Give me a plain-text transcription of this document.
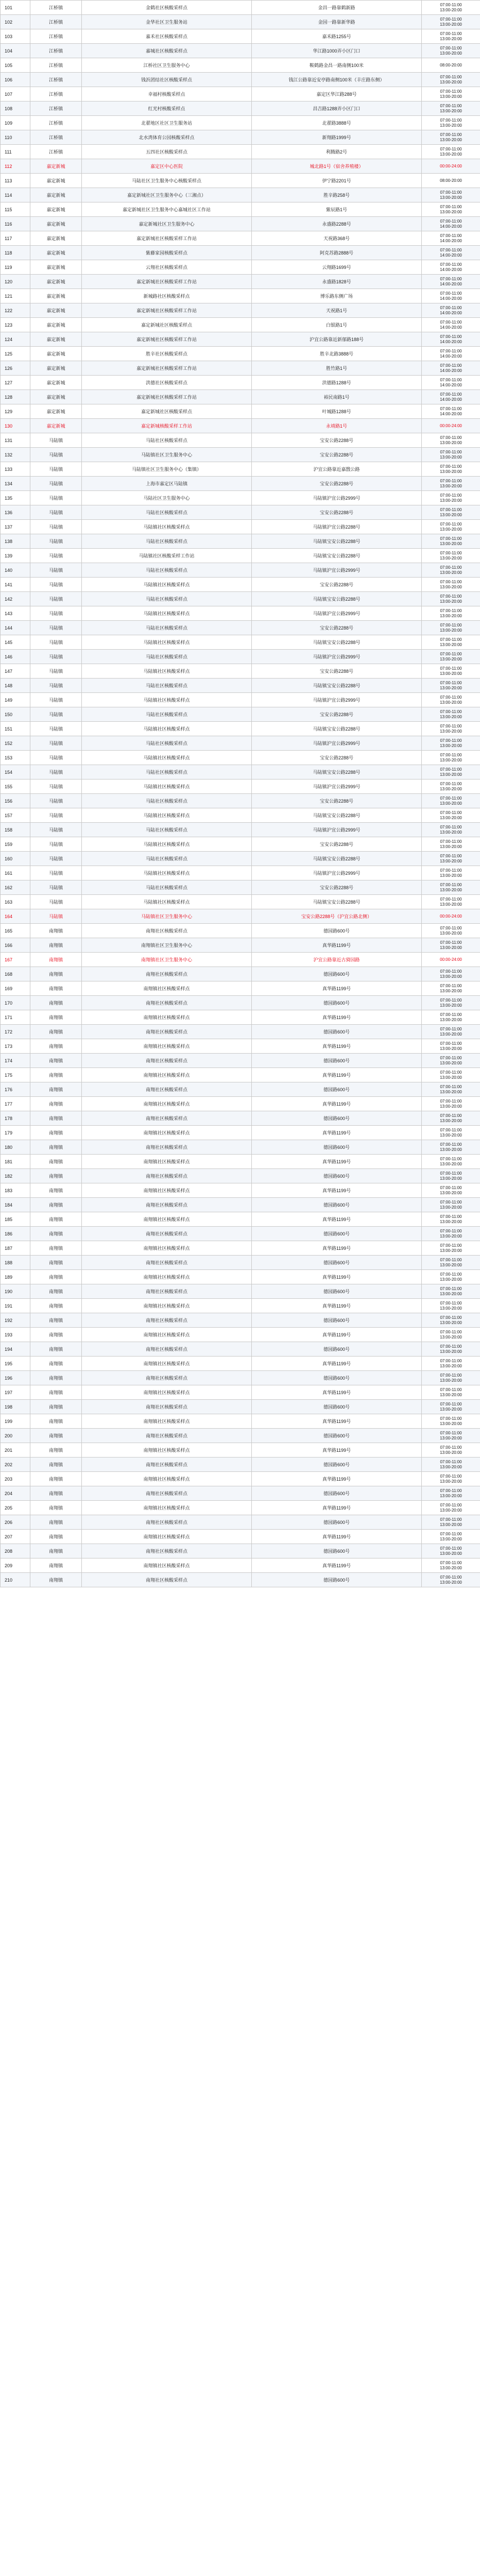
101	江桥镇	金鹤社区核酸采样点	金昌一路靠鹤新路	07:00-11:00
13:00-20:00
102	江桥镇	金华社区卫生服务站	金园一路靠新华路	07:00-11:00
13:00-20:00
103	江桥镇	嘉禾社区核酸采样点	嘉禾路1255号	07:00-11:00
13:00-20:00
104	江桥镇	嘉城社区核酸采样点	华江路1000弄小区门口	07:00-11:00
13:00-20:00
105	江桥镇	江桥社区卫生服务中心	鞍鹤路金昌一路南侧100米	08:00-20:00
106	江桥镇	钱浜团结社区核酸采样点	钱江公路靠近安亭路南侧100米（丰庄路东侧）	07:00-11:00
13:00-20:00
107	江桥镇	幸福村核酸采样点	嘉定区华江路288号	07:00-11:00
13:00-20:00
108	江桥镇	红光村核酸采样点	昌吉路1288弄小区门口	07:00-11:00
13:00-20:00
109	江桥镇	北翟地区社区卫生服务站	北翟路3888号	07:00-11:00
13:00-20:00
110	江桥镇	北水湾体育公园核酸采样点	新翔路1999号	07:00-11:00
13:00-20:00
111	江桥镇	五四社区核酸采样点	利腾路2号	07:00-11:00
13:00-20:00
112	嘉定新城	嘉定区中心医院	城北路1号（宿舍养殖楼）	00:00-24:00
113	嘉定新城	马陆社区卫生服务中心核酸采样点	伊宁路2201号	08:00-20:00
114	嘉定新城	嘉定新城社区卫生服务中心（三湘点）	胜辛路258号	07:00-11:00
13:00-20:00
115	嘉定新城	嘉定新城社区卫生服务中心嘉城社区工作站	紫辰路1号	07:00-11:00
13:00-20:00
116	嘉定新城	嘉定新城社区卫生服务中心	永盛路2288号	07:00-11:00
14:00-20:00
117	嘉定新城	嘉定新城社区核酸采样工作站	天祝路368号	07:00-11:00
14:00-20:00
118	嘉定新城	紫藤家园核酸采样点	阿克苏路2888号	07:00-11:00
14:00-20:00
119	嘉定新城	云翔社区核酸采样点	云翔路1699号	07:00-11:00
14:00-20:00
120	嘉定新城	嘉定新城社区核酸采样工作站	永盛路1828号	07:00-11:00
14:00-20:00
121	嘉定新城	新城路社区核酸采样点	博乐路东侧广场	07:00-11:00
14:00-20:00
122	嘉定新城	嘉定新城社区核酸采样工作站	天祝路1号	07:00-11:00
14:00-20:00
123	嘉定新城	嘉定新城社区核酸采样点	白银路1号	07:00-11:00
14:00-20:00
124	嘉定新城	嘉定新城社区核酸采样工作站	沪宜公路靠近新郁路188号	07:00-11:00
14:00-20:00
125	嘉定新城	胜辛社区核酸采样点	胜辛北路3888号	07:00-11:00
14:00-20:00
126	嘉定新城	嘉定新城社区核酸采样工作站	胜竹路1号	07:00-11:00
14:00-20:00
127	嘉定新城	洪德社区核酸采样点	洪德路1288号	07:00-11:00
14:00-20:00
128	嘉定新城	嘉定新城社区核酸采样工作站	裕民南路1号	07:00-11:00
14:00-20:00
129	嘉定新城	嘉定新城社区核酸采样点	叶城路1288号	07:00-11:00
14:00-20:00
130	嘉定新城	嘉定新城核酸采样工作站	永靖路1号	00:00-24:00
131	马陆镇	马陆社区核酸采样点	宝安公路2288号	07:00-11:00
13:00-20:00
132	马陆镇	马陆镇社区卫生服务中心	宝安公路2288号	07:00-11:00
13:00-20:00
133	马陆镇	马陆镇社区卫生服务中心（集镇）	沪宜公路靠近嘉戬公路	07:00-11:00
13:00-20:00
134	马陆镇	上海市嘉定区马陆镇	宝安公路2288号	07:00-11:00
13:00-20:00
135	马陆镇	马陆社区卫生服务中心	马陆镇沪宜公路2999号	07:00-11:00
13:00-20:00
136	马陆镇	马陆社区核酸采样点	宝安公路2288号	07:00-11:00
13:00-20:00
137	马陆镇	马陆镇社区核酸采样点	马陆镇沪宜公路2288号	07:00-11:00
13:00-20:00
138	马陆镇	马陆社区核酸采样点	马陆镇宝安公路2288号	07:00-11:00
13:00-20:00
139	马陆镇	马陆镇社区核酸采样工作站	马陆镇宝安公路2288号	07:00-11:00
13:00-20:00
140	马陆镇	马陆社区核酸采样点	马陆镇沪宜公路2999号	07:00-11:00
13:00-20:00
141	马陆镇	马陆镇社区核酸采样点	宝安公路2288号	07:00-11:00
13:00-20:00
142	马陆镇	马陆社区核酸采样点	马陆镇宝安公路2288号	07:00-11:00
13:00-20:00
143	马陆镇	马陆镇社区核酸采样点	马陆镇沪宜公路2999号	07:00-11:00
13:00-20:00
144	马陆镇	马陆社区核酸采样点	宝安公路2288号	07:00-11:00
13:00-20:00
145	马陆镇	马陆镇社区核酸采样点	马陆镇宝安公路2288号	07:00-11:00
13:00-20:00
146	马陆镇	马陆社区核酸采样点	马陆镇沪宜公路2999号	07:00-11:00
13:00-20:00
147	马陆镇	马陆镇社区核酸采样点	宝安公路2288号	07:00-11:00
13:00-20:00
148	马陆镇	马陆社区核酸采样点	马陆镇宝安公路2288号	07:00-11:00
13:00-20:00
149	马陆镇	马陆镇社区核酸采样点	马陆镇沪宜公路2999号	07:00-11:00
13:00-20:00
150	马陆镇	马陆社区核酸采样点	宝安公路2288号	07:00-11:00
13:00-20:00
151	马陆镇	马陆镇社区核酸采样点	马陆镇宝安公路2288号	07:00-11:00
13:00-20:00
152	马陆镇	马陆社区核酸采样点	马陆镇沪宜公路2999号	07:00-11:00
13:00-20:00
153	马陆镇	马陆镇社区核酸采样点	宝安公路2288号	07:00-11:00
13:00-20:00
154	马陆镇	马陆社区核酸采样点	马陆镇宝安公路2288号	07:00-11:00
13:00-20:00
155	马陆镇	马陆镇社区核酸采样点	马陆镇沪宜公路2999号	07:00-11:00
13:00-20:00
156	马陆镇	马陆社区核酸采样点	宝安公路2288号	07:00-11:00
13:00-20:00
157	马陆镇	马陆镇社区核酸采样点	马陆镇宝安公路2288号	07:00-11:00
13:00-20:00
158	马陆镇	马陆社区核酸采样点	马陆镇沪宜公路2999号	07:00-11:00
13:00-20:00
159	马陆镇	马陆镇社区核酸采样点	宝安公路2288号	07:00-11:00
13:00-20:00
160	马陆镇	马陆社区核酸采样点	马陆镇宝安公路2288号	07:00-11:00
13:00-20:00
161	马陆镇	马陆镇社区核酸采样点	马陆镇沪宜公路2999号	07:00-11:00
13:00-20:00
162	马陆镇	马陆社区核酸采样点	宝安公路2288号	07:00-11:00
13:00-20:00
163	马陆镇	马陆镇社区核酸采样点	马陆镇宝安公路2288号	07:00-11:00
13:00-20:00
164	马陆镇	马陆镇社区卫生服务中心	宝安公路2288号（沪宜公路北侧）	00:00-24:00
165	南翔镇	南翔社区核酸采样点	德园路600号	07:00-11:00
13:00-20:00
166	南翔镇	南翔镇社区卫生服务中心	真华路1199号	07:00-11:00
13:00-20:00
167	南翔镇	南翔镇社区卫生服务中心	沪宜公路靠近古猗园路	00:00-24:00
168	南翔镇	南翔社区核酸采样点	德园路600号	07:00-11:00
13:00-20:00
169	南翔镇	南翔镇社区核酸采样点	真华路1199号	07:00-11:00
13:00-20:00
170	南翔镇	南翔社区核酸采样点	德园路600号	07:00-11:00
13:00-20:00
171	南翔镇	南翔镇社区核酸采样点	真华路1199号	07:00-11:00
13:00-20:00
172	南翔镇	南翔社区核酸采样点	德园路600号	07:00-11:00
13:00-20:00
173	南翔镇	南翔镇社区核酸采样点	真华路1199号	07:00-11:00
13:00-20:00
174	南翔镇	南翔社区核酸采样点	德园路600号	07:00-11:00
13:00-20:00
175	南翔镇	南翔镇社区核酸采样点	真华路1199号	07:00-11:00
13:00-20:00
176	南翔镇	南翔社区核酸采样点	德园路600号	07:00-11:00
13:00-20:00
177	南翔镇	南翔镇社区核酸采样点	真华路1199号	07:00-11:00
13:00-20:00
178	南翔镇	南翔社区核酸采样点	德园路600号	07:00-11:00
13:00-20:00
179	南翔镇	南翔镇社区核酸采样点	真华路1199号	07:00-11:00
13:00-20:00
180	南翔镇	南翔社区核酸采样点	德园路600号	07:00-11:00
13:00-20:00
181	南翔镇	南翔镇社区核酸采样点	真华路1199号	07:00-11:00
13:00-20:00
182	南翔镇	南翔社区核酸采样点	德园路600号	07:00-11:00
13:00-20:00
183	南翔镇	南翔镇社区核酸采样点	真华路1199号	07:00-11:00
13:00-20:00
184	南翔镇	南翔社区核酸采样点	德园路600号	07:00-11:00
13:00-20:00
185	南翔镇	南翔镇社区核酸采样点	真华路1199号	07:00-11:00
13:00-20:00
186	南翔镇	南翔社区核酸采样点	德园路600号	07:00-11:00
13:00-20:00
187	南翔镇	南翔镇社区核酸采样点	真华路1199号	07:00-11:00
13:00-20:00
188	南翔镇	南翔社区核酸采样点	德园路600号	07:00-11:00
13:00-20:00
189	南翔镇	南翔镇社区核酸采样点	真华路1199号	07:00-11:00
13:00-20:00
190	南翔镇	南翔社区核酸采样点	德园路600号	07:00-11:00
13:00-20:00
191	南翔镇	南翔镇社区核酸采样点	真华路1199号	07:00-11:00
13:00-20:00
192	南翔镇	南翔社区核酸采样点	德园路600号	07:00-11:00
13:00-20:00
193	南翔镇	南翔镇社区核酸采样点	真华路1199号	07:00-11:00
13:00-20:00
194	南翔镇	南翔社区核酸采样点	德园路600号	07:00-11:00
13:00-20:00
195	南翔镇	南翔镇社区核酸采样点	真华路1199号	07:00-11:00
13:00-20:00
196	南翔镇	南翔社区核酸采样点	德园路600号	07:00-11:00
13:00-20:00
197	南翔镇	南翔镇社区核酸采样点	真华路1199号	07:00-11:00
13:00-20:00
198	南翔镇	南翔社区核酸采样点	德园路600号	07:00-11:00
13:00-20:00
199	南翔镇	南翔镇社区核酸采样点	真华路1199号	07:00-11:00
13:00-20:00
200	南翔镇	南翔社区核酸采样点	德园路600号	07:00-11:00
13:00-20:00
201	南翔镇	南翔镇社区核酸采样点	真华路1199号	07:00-11:00
13:00-20:00
202	南翔镇	南翔社区核酸采样点	德园路600号	07:00-11:00
13:00-20:00
203	南翔镇	南翔镇社区核酸采样点	真华路1199号	07:00-11:00
13:00-20:00
204	南翔镇	南翔社区核酸采样点	德园路600号	07:00-11:00
13:00-20:00
205	南翔镇	南翔镇社区核酸采样点	真华路1199号	07:00-11:00
13:00-20:00
206	南翔镇	南翔社区核酸采样点	德园路600号	07:00-11:00
13:00-20:00
207	南翔镇	南翔镇社区核酸采样点	真华路1199号	07:00-11:00
13:00-20:00
208	南翔镇	南翔社区核酸采样点	德园路600号	07:00-11:00
13:00-20:00
209	南翔镇	南翔镇社区核酸采样点	真华路1199号	07:00-11:00
13:00-20:00
210	南翔镇	南翔社区核酸采样点	德园路600号	07:00-11:00
13:00-20:00
